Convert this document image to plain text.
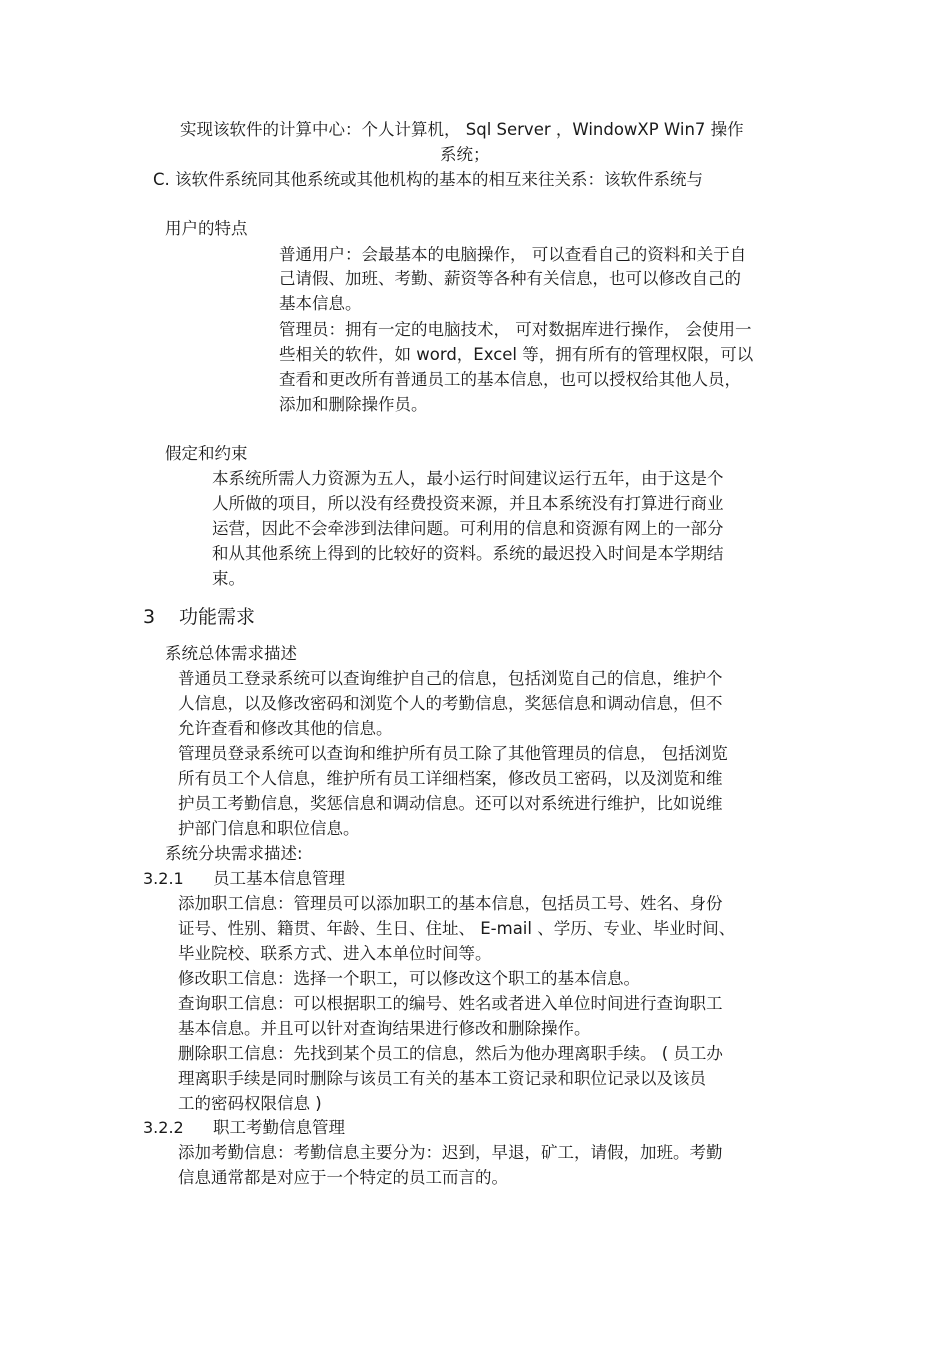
实现该软件的计算中心：个人计算机， Sql Server ，WindowXP Win7 操作
系统；
C. 该软件系统同其他系统或其他机构的基本的相互来往关系：该软件系统与
用户的特点
普通用户：会最基本的电脑操作， 可以查看自己的资料和关于自
己请假、加班、考勤、薪资等各种有关信息，也可以修改自己的
基本信息。
管理员：拥有一定的电脑技术， 可对数据库进行操作， 会使用一
些相关的软件，如 word，Excel 等，拥有所有的管理权限，可以
查看和更改所有普通员工的基本信息，也可以授权给其他人员，
添加和删除操作员。
假定和约束
本系统所需人力资源为五人，最小运行时间建议运行五年，由于这是个
人所做的项目，所以没有经费投资来源，并且本系统没有打算进行商业
运营，因此不会牵涉到法律问题。可利用的信息和资源有网上的一部分
和从其他系统上得到的比较好的资料。系统的最迟投入时间是本学期结
束。
3 功能需求
系统总体需求描述
普通员工登录系统可以查询维护自己的信息，包括浏览自己的信息，维护个
人信息，以及修改密码和浏览个人的考勤信息，奖惩信息和调动信息，但不
允许查看和修改其他的信息。
管理员登录系统可以查询和维护所有员工除了其他管理员的信息， 包括浏览
所有员工个人信息，维护所有员工详细档案，修改员工密码，以及浏览和维
护员工考勤信息，奖惩信息和调动信息。还可以对系统进行维护，比如说维
护部门信息和职位信息。
系统分块需求描述:
3.2.1 员工基本信息管理
添加职工信息：管理员可以添加职工的基本信息，包括员工号、姓名、身份
证号、性别、籍贯、年龄、生日、住址、 E-mail 、学历、专业、毕业时间、
毕业院校、联系方式、进入本单位时间等。
修改职工信息：选择一个职工，可以修改这个职工的基本信息。
查询职工信息：可以根据职工的编号、姓名或者进入单位时间进行查询职工
基本信息。并且可以针对查询结果进行修改和删除操作。
删除职工信息：先找到某个员工的信息，然后为他办理离职手续。 ( 员工办
理离职手续是同时删除与该员工有关的基本工资记录和职位记录以及该员
工的密码权限信息 )
3.2.2 职工考勤信息管理
添加考勤信息：考勤信息主要分为：迟到，早退，矿工，请假，加班。考勤
信息通常都是对应于一个特定的员工而言的。
